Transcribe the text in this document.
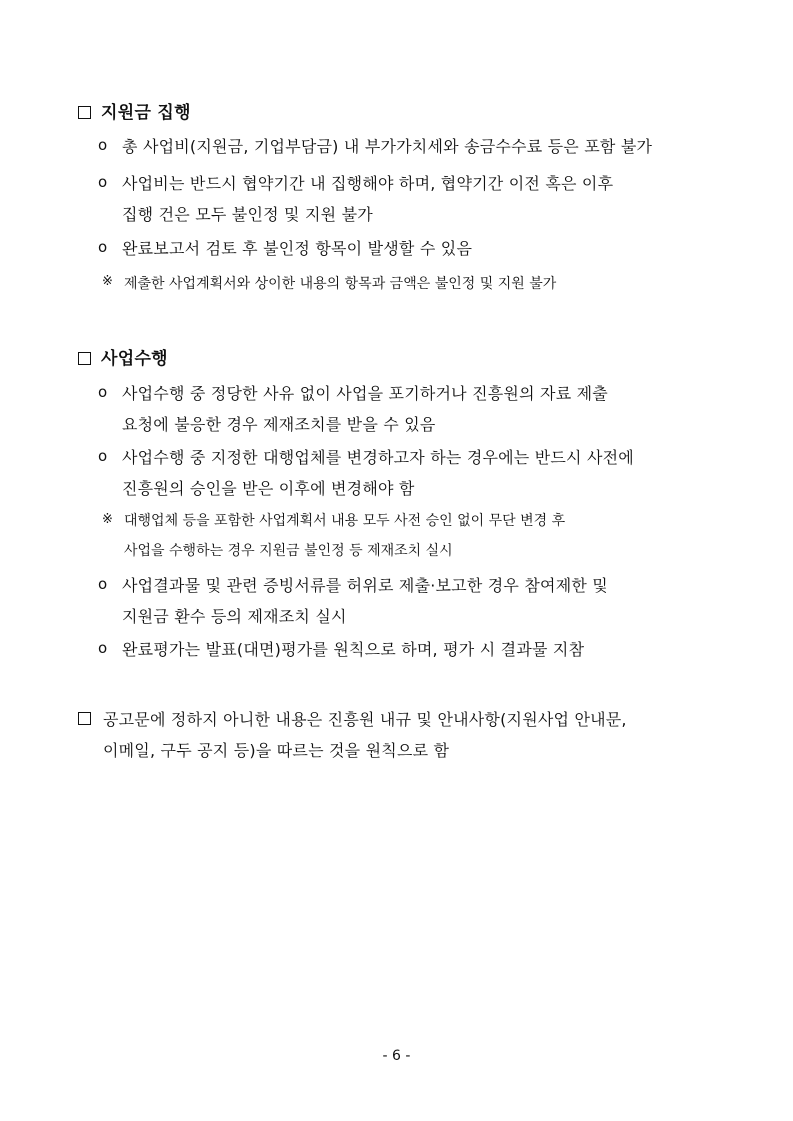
지원금 집행
o 총 사업비(지원금, 기업부담금) 내 부가가치세와 송금수수료 등은 포함 불가
o 사업비는 반드시 협약기간 내 집행해야 하며, 협약기간 이전 혹은 이후
집행 건은 모두 불인정 및 지원 불가
o 완료보고서 검토 후 불인정 항목이 발생할 수 있음
※ 제출한 사업계획서와 상이한 내용의 항목과 금액은 불인정 및 지원 불가
사업수행
o 사업수행 중 정당한 사유 없이 사업을 포기하거나 진흥원의 자료 제출
요청에 불응한 경우 제재조치를 받을 수 있음
o 사업수행 중 지정한 대행업체를 변경하고자 하는 경우에는 반드시 사전에
진흥원의 승인을 받은 이후에 변경해야 함
※ 대행업체 등을 포함한 사업계획서 내용 모두 사전 승인 없이 무단 변경 후
사업을 수행하는 경우 지원금 불인정 등 제재조치 실시
o 사업결과물 및 관련 증빙서류를 허위로 제출·보고한 경우 참여제한 및
지원금 환수 등의 제재조치 실시
o 완료평가는 발표(대면)평가를 원칙으로 하며, 평가 시 결과물 지참
공고문에 정하지 아니한 내용은 진흥원 내규 및 안내사항(지원사업 안내문,
이메일, 구두 공지 등)을 따르는 것을 원칙으로 함
- 6 -
